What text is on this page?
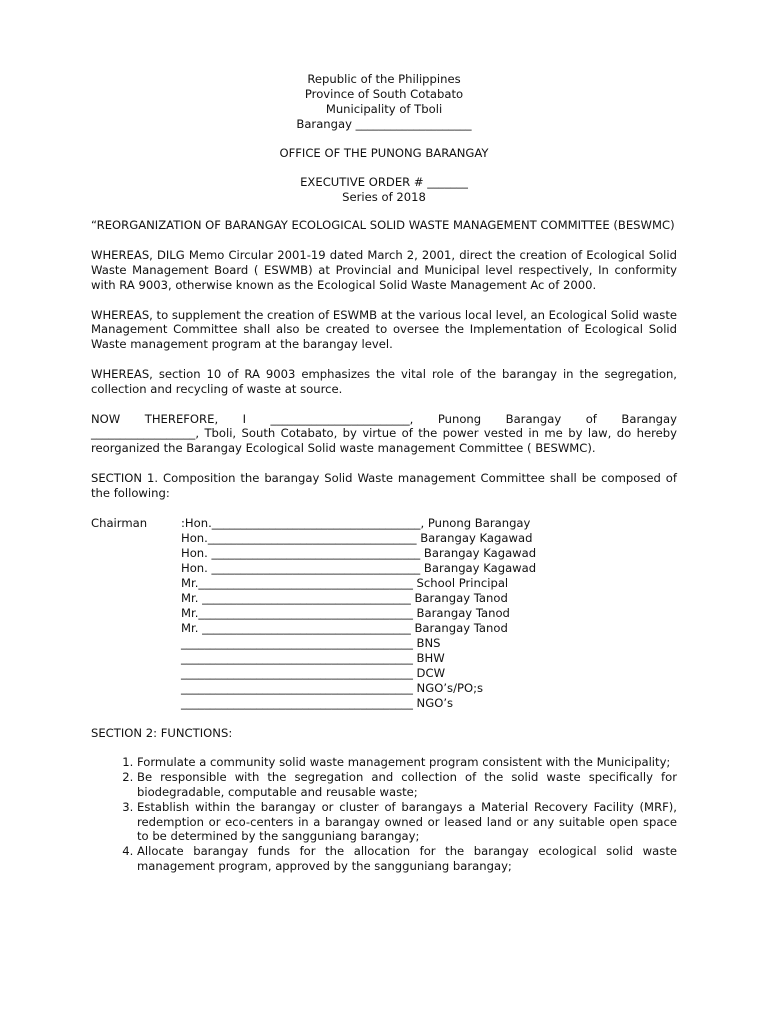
Republic of the Philippines

Province of South Cotabato

Municipality of Tboli

Barangay ____________________

OFFICE OF THE PUNONG BARANGAY

EXECUTIVE ORDER # _______

Series of 2018

“REORGANIZATION OF BARANGAY ECOLOGICAL SOLID WASTE MANAGEMENT COMMITTEE (BESWMC)

WHEREAS, DILG Memo Circular 2001-19 dated March 2, 2001, direct the creation of Ecological Solid Waste Management Board ( ESWMB) at Provincial and Municipal level respectively, In conformity with RA 9003, otherwise known as the Ecological Solid Waste Management Ac of 2000.

WHEREAS, to supplement the creation of ESWMB at the various local level, an Ecological Solid waste Management Committee shall also be created to oversee the Implementation of Ecological Solid Waste management program at the barangay level.

WHEREAS, section 10 of RA 9003 emphasizes the vital role of the barangay in the segregation, collection and recycling of waste at source.

NOW THEREFORE, I ________________________, Punong Barangay of Barangay

__________________, Tboli, South Cotabato, by virtue of the power vested in me by law, do hereby reorganized the Barangay Ecological Solid waste management Committee ( BESWMC).

SECTION 1. Composition the barangay Solid Waste management Committee shall be composed of the following:

Chairman	:Hon.____________________________________, Punong Barangay
	Hon.____________________________________ Barangay Kagawad
	Hon. ____________________________________ Barangay Kagawad
	Hon. ____________________________________ Barangay Kagawad
	Mr._____________________________________ School Principal
	Mr. ____________________________________ Barangay Tanod
	Mr._____________________________________ Barangay Tanod
	Mr. ____________________________________ Barangay Tanod
	________________________________________ BNS
	________________________________________ BHW
	________________________________________ DCW
	________________________________________ NGO’s/PO;s
	________________________________________ NGO’s

SECTION 2: FUNCTIONS:

1. Formulate a community solid waste management program consistent with the Municipality;
2. Be responsible with the segregation and collection of the solid waste specifically for biodegradable, computable and reusable waste;
3. Establish within the barangay or cluster of barangays a Material Recovery Facility (MRF), redemption or eco-centers in a barangay owned or leased land or any suitable open space to be determined by the sangguniang barangay;
4. Allocate barangay funds for the allocation for the barangay ecological solid waste management program, approved by the sangguniang barangay;
